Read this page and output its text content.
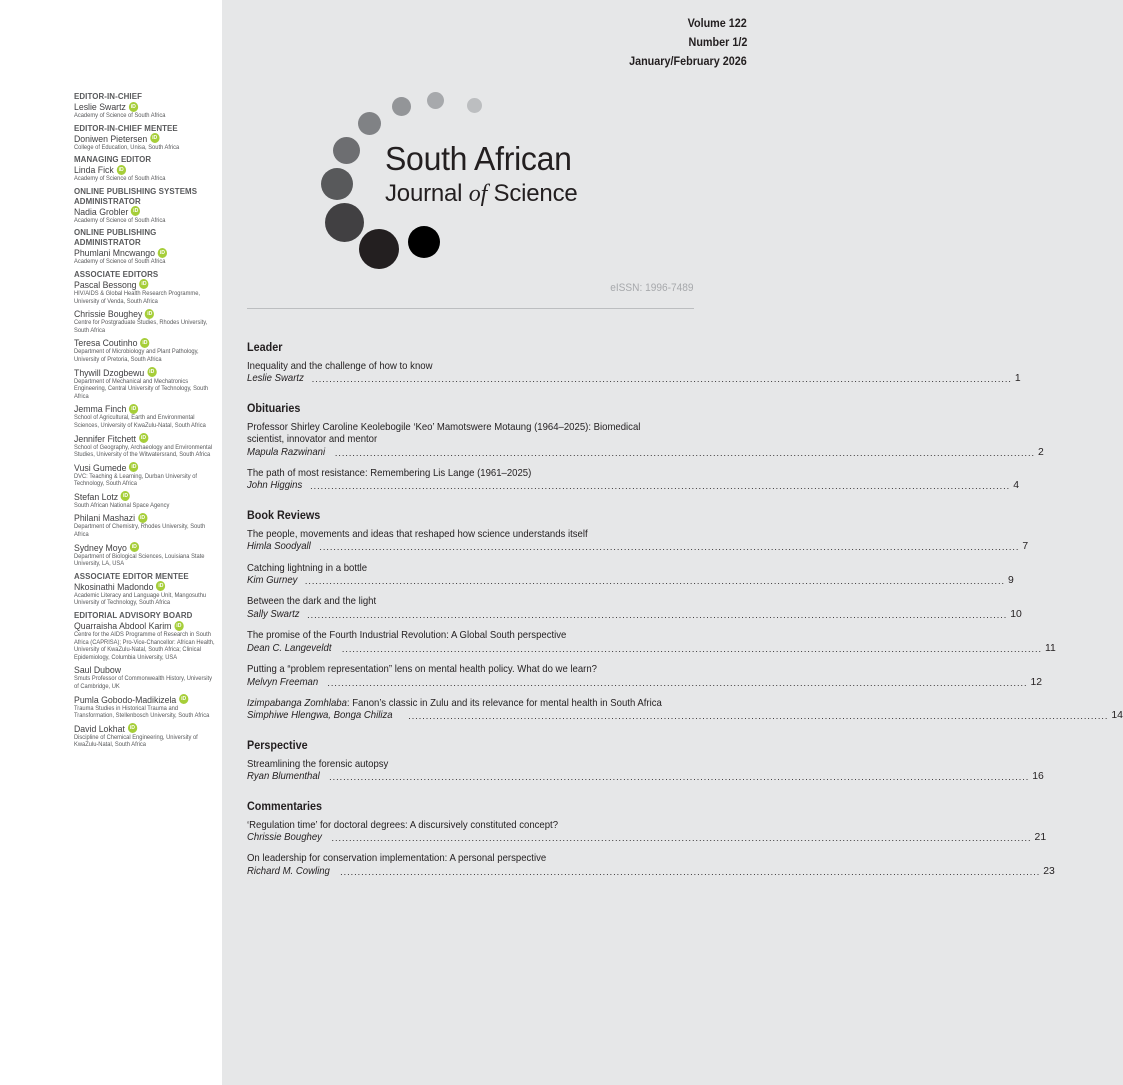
EDITOR-IN-CHIEF
Leslie Swartz iD
Academy of Science of South Africa
EDITOR-IN-CHIEF MENTEE
Doniwen Pietersen iD
College of Education, Unisa, South Africa
MANAGING EDITOR
Linda Fick iD
Academy of Science of South Africa
ONLINE PUBLISHING SYSTEMS ADMINISTRATOR
Nadia Grobler iD
Academy of Science of South Africa
ONLINE PUBLISHING ADMINISTRATOR
Phumlani Mncwango iD
Academy of Science of South Africa
ASSOCIATE EDITORS
Pascal Bessong iD
HIV/AIDS & Global Health Research Programme, University of Venda, South Africa
Chrissie Boughey iD
Centre for Postgraduate Studies, Rhodes University, South Africa
Teresa Coutinho iD
Department of Microbiology and Plant Pathology, University of Pretoria, South Africa
Thywill Dzogbewu iD
Department of Mechanical and Mechatronics Engineering, Central University of Technology, South Africa
Jemma Finch iD
School of Agricultural, Earth and Environmental Sciences, University of KwaZulu-Natal, South Africa
Jennifer Fitchett iD
School of Geography, Archaeology and Environmental Studies, University of the Witwatersrand, South Africa
Vusi Gumede iD
DVC: Teaching & Learning, Durban University of Technology, South Africa
Stefan Lotz iD
South African National Space Agency
Philani Mashazi iD
Department of Chemistry, Rhodes University, South Africa
Sydney Moyo iD
Department of Biological Sciences, Louisiana State University, LA, USA
ASSOCIATE EDITOR MENTEE
Nkosinathi Madondo iD
Academic Literacy and Language Unit, Mangosuthu University of Technology, South Africa
EDITORIAL ADVISORY BOARD
Quarraisha Abdool Karim iD
Centre for the AIDS Programme of Research in South Africa (CAPRISA); Pro-Vice-Chancellor: African Health, University of KwaZulu-Natal, South Africa; Clinical Epidemiology, Columbia University, USA
Saul Dubow
Smuts Professor of Commonwealth History, University of Cambridge, UK
Pumla Gobodo-Madikizela iD
Trauma Studies in Historical Trauma and Transformation, Stellenbosch University, South Africa
David Lokhat iD
Discipline of Chemical Engineering, University of KwaZulu-Natal, South Africa
Volume 122
Number 1/2
January/February 2026
South African
Journal of Science
eISSN: 1996-7489
Leader
Inequality and the challenge of how to know
Leslie Swartz ........................................................................................................................................................................................................ 1
Obituaries
Professor Shirley Caroline Keolebogile ‘Keo’ Mamotswere Motaung (1964–2025): Biomedical scientist, innovator and mentor
Mapula Razwinani ........................................................................................................................................................................................................ 2
The path of most resistance: Remembering Lis Lange (1961–2025)
John Higgins ........................................................................................................................................................................................................ 4
Book Reviews
The people, movements and ideas that reshaped how science understands itself
Himla Soodyall ........................................................................................................................................................................................................ 7
Catching lightning in a bottle
Kim Gurney ........................................................................................................................................................................................................ 9
Between the dark and the light
Sally Swartz ........................................................................................................................................................................................................ 10
The promise of the Fourth Industrial Revolution: A Global South perspective
Dean C. Langeveldt ........................................................................................................................................................................................................ 11
Putting a “problem representation” lens on mental health policy. What do we learn?
Melvyn Freeman ........................................................................................................................................................................................................ 12
Izimpabanga Zomhlaba: Fanon’s classic in Zulu and its relevance for mental health in South Africa
Simphiwe Hlengwa, Bonga Chiliza ........................................................................................................................................................................................................ 14
Perspective
Streamlining the forensic autopsy
Ryan Blumenthal ........................................................................................................................................................................................................ 16
Commentaries
‘Regulation time’ for doctoral degrees: A discursively constituted concept?
Chrissie Boughey ........................................................................................................................................................................................................ 21
On leadership for conservation implementation: A personal perspective
Richard M. Cowling ........................................................................................................................................................................................................ 23
